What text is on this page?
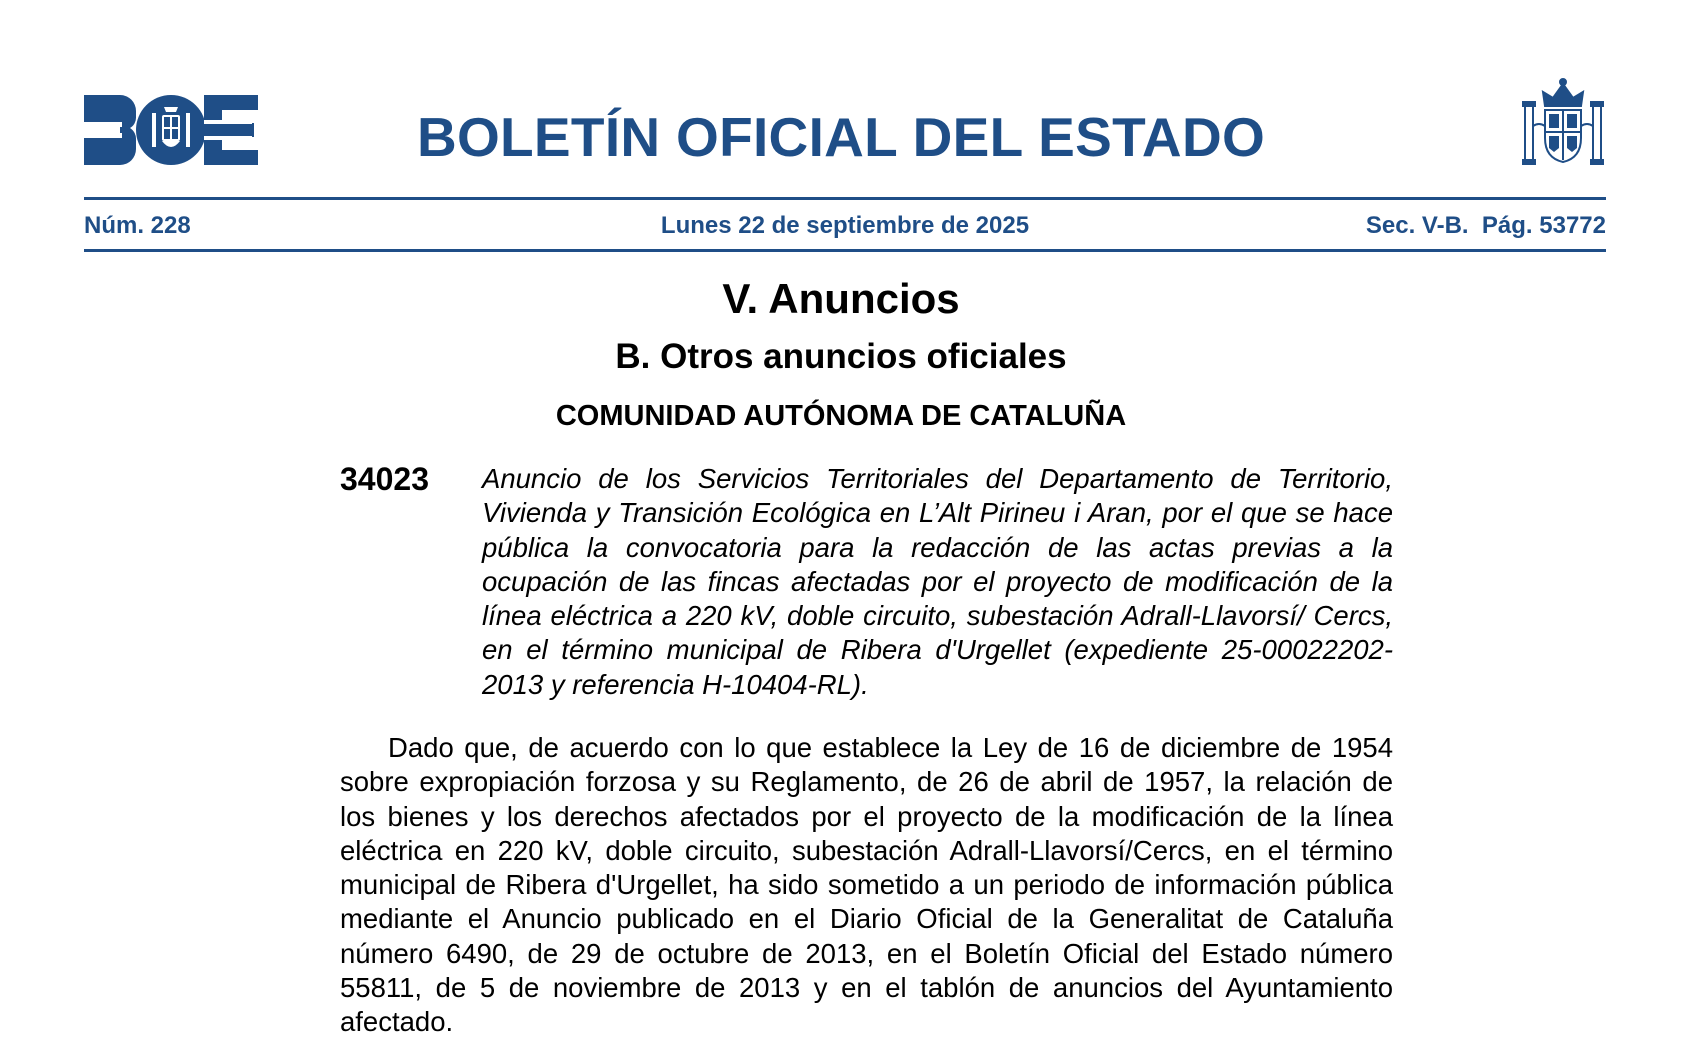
BOLETÍN OFICIAL DEL ESTADO
Núm. 228	Lunes 22 de septiembre de 2025	Sec. V-B.  Pág. 53772
V. Anuncios
B. Otros anuncios oficiales
COMUNIDAD AUTÓNOMA DE CATALUÑA
34023 Anuncio de los Servicios Territoriales del Departamento de Territorio, Vivienda y Transición Ecológica en L’Alt Pirineu i Aran, por el que se hace pública la convocatoria para la redacción de las actas previas a la ocupación de las fincas afectadas por el proyecto de modificación de la línea eléctrica a 220 kV, doble circuito, subestación Adrall-Llavorsí/ Cercs, en el término municipal de Ribera d'Urgellet (expediente 25-00022202-2013 y referencia H-10404-RL).

Dado que, de acuerdo con lo que establece la Ley de 16 de diciembre de 1954 sobre expropiación forzosa y su Reglamento, de 26 de abril de 1957, la relación de los bienes y los derechos afectados por el proyecto de la modificación de la línea eléctrica en 220 kV, doble circuito, subestación Adrall-Llavorsí/Cercs, en el término municipal de Ribera d'Urgellet, ha sido sometido a un periodo de información pública mediante el Anuncio publicado en el Diario Oficial de la Generalitat de Cataluña número 6490, de 29 de octubre de 2013, en el Boletín Oficial del Estado número 55811, de 5 de noviembre de 2013 y en el tablón de anuncios del Ayuntamiento afectado.
